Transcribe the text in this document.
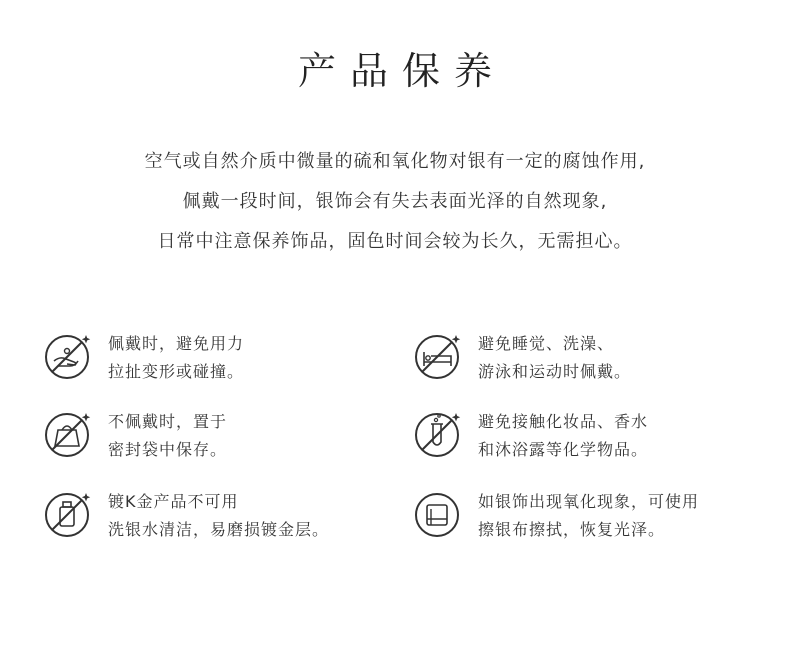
产品保养
空气或自然介质中微量的硫和氧化物对银有一定的腐蚀作用,
佩戴一段时间，银饰会有失去表面光泽的自然现象,
日常中注意保养饰品，固色时间会较为长久，无需担心。
佩戴时，避免用力
拉扯变形或碰撞。
避免睡觉、洗澡、
游泳和运动时佩戴。
不佩戴时，置于
密封袋中保存。
避免接触化妆品、香水
和沐浴露等化学物品。
镀K金产品不可用
洗银水清洁，易磨损镀金层。
如银饰出现氧化现象，可使用
擦银布擦拭，恢复光泽。
